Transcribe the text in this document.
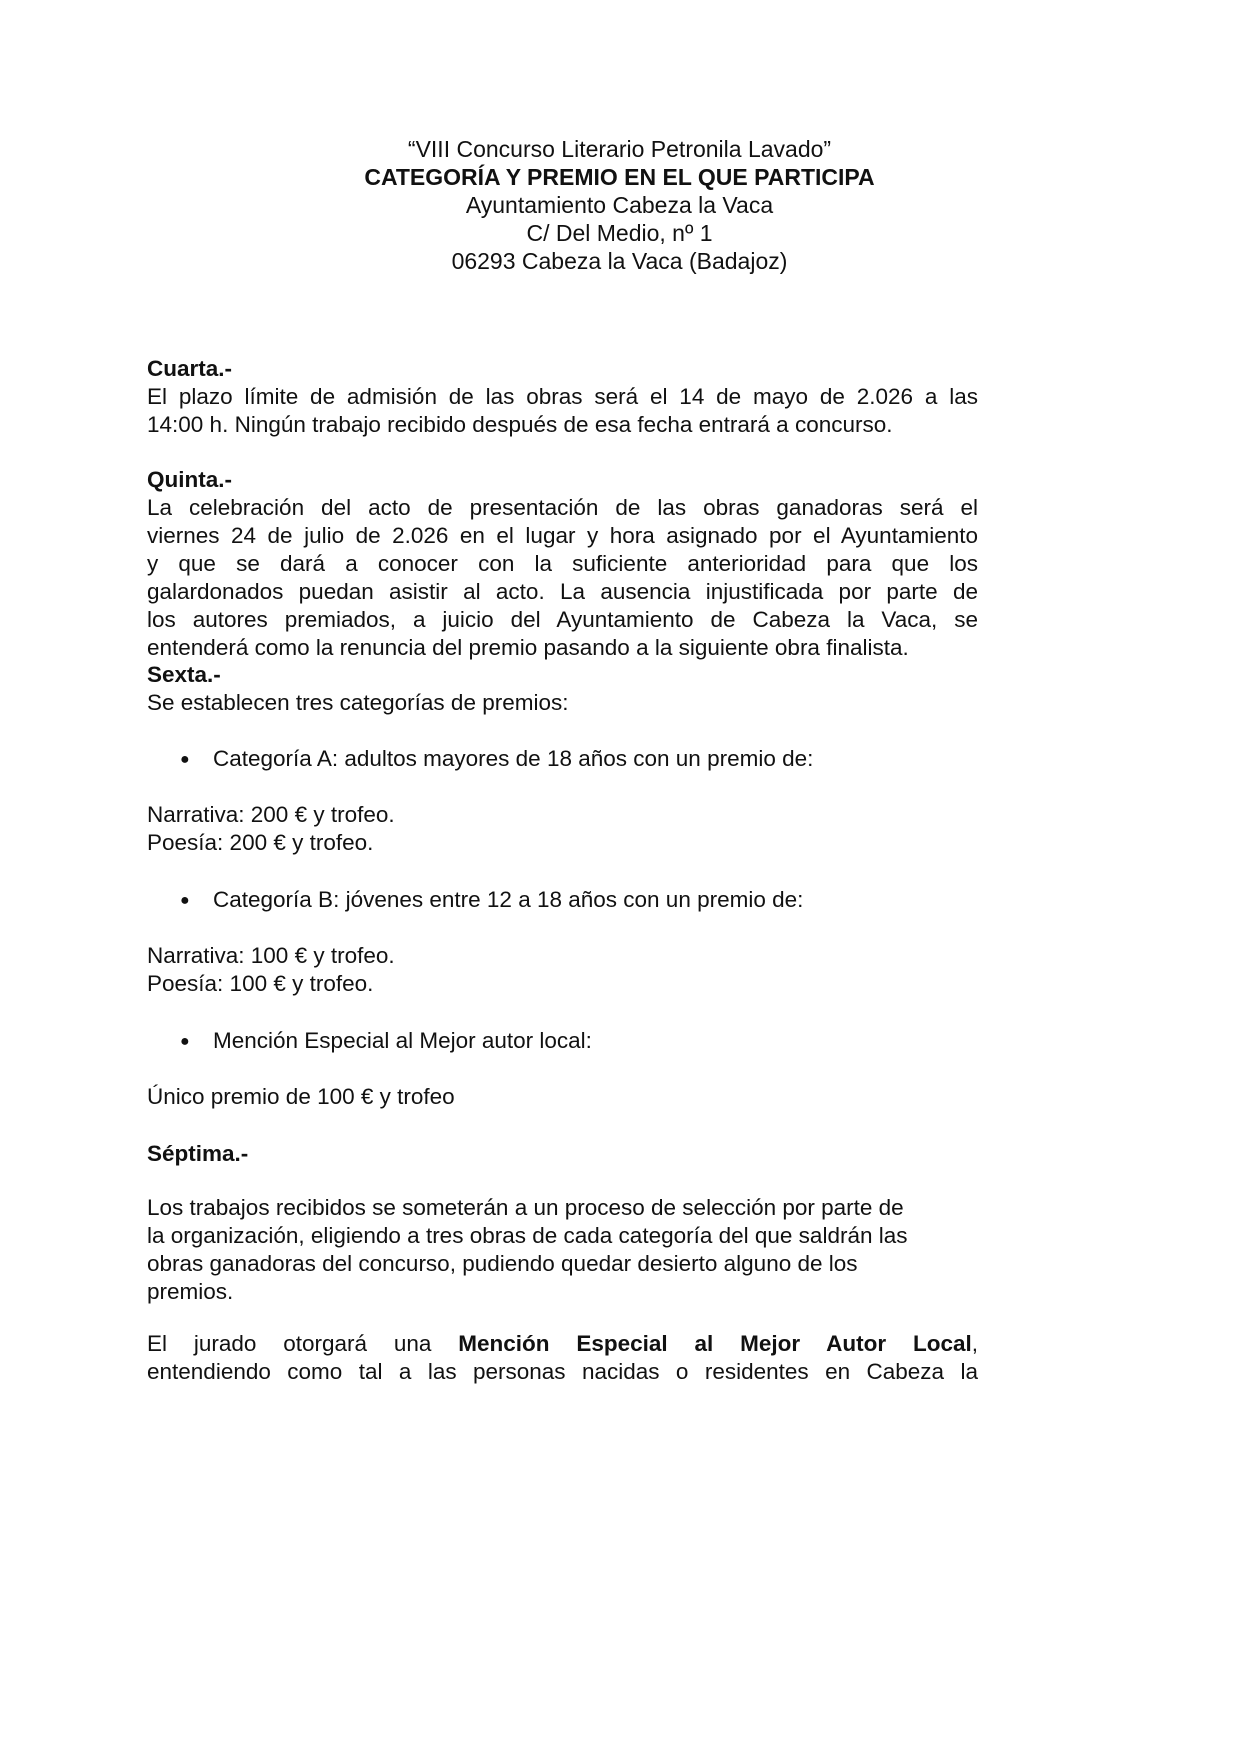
“VIII Concurso Literario Petronila Lavado”

CATEGORÍA Y PREMIO EN EL QUE PARTICIPA

Ayuntamiento Cabeza la Vaca

C/ Del Medio, nº 1

06293 Cabeza la Vaca (Badajoz)

Cuarta.-

El plazo límite de admisión de las obras será el 14 de mayo de 2.026 a las

14:00 h. Ningún trabajo recibido después de esa fecha entrará a concurso.

Quinta.-

La celebración del acto de presentación de las obras ganadoras será el

viernes 24 de julio de 2.026 en el lugar y hora asignado por el Ayuntamiento

y que se dará a conocer con la suficiente anterioridad para que los

galardonados puedan asistir al acto. La ausencia injustificada por parte de

los autores premiados, a juicio del Ayuntamiento de Cabeza la Vaca, se

entenderá como la renuncia del premio pasando a la siguiente obra finalista.

Sexta.-

Se establecen tres categorías de premios:

● Categoría A: adultos mayores de 18 años con un premio de:

Narrativa: 200 € y trofeo.

Poesía: 200 € y trofeo.

● Categoría B: jóvenes entre 12 a 18 años con un premio de:

Narrativa: 100 € y trofeo.

Poesía: 100 € y trofeo.

● Mención Especial al Mejor autor local:

Único premio de 100 € y trofeo

Séptima.-

Los trabajos recibidos se someterán a un proceso de selección por parte de

la organización, eligiendo a tres obras de cada categoría del que saldrán las

obras ganadoras del concurso, pudiendo quedar desierto alguno de los

premios.

El jurado otorgará una Mención Especial al Mejor Autor Local,

entendiendo como tal a las personas nacidas o residentes en Cabeza la
